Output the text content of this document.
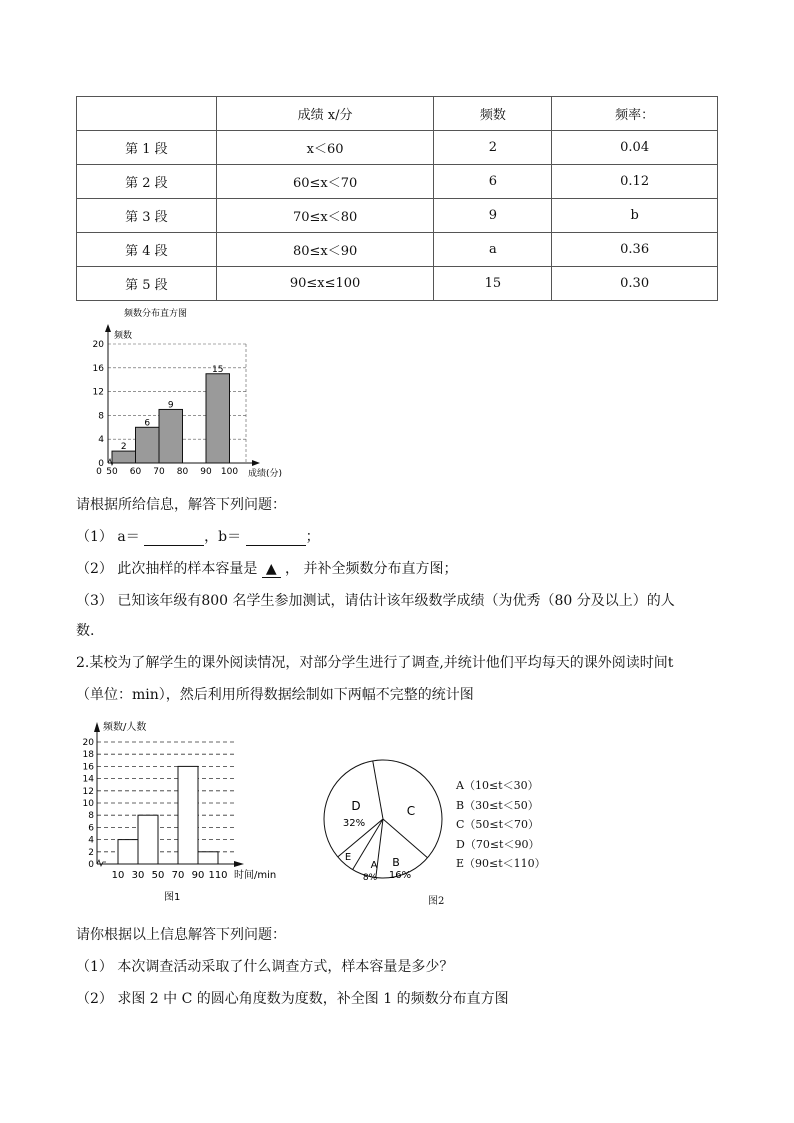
	成绩 x/分	频数	频率：
第 1 段	x＜60	2	0.04
第 2 段	60≤x＜70	6	0.12
第 3 段	70≤x＜80	9	b
第 4 段	80≤x＜90	a	0.36
第 5 段	90≤x≤100	15	0.30
频数分布直方图
0
4
8
12
16
20
频数
成绩(分)
2
6
9
15
0 50 60 70 80 90 100
请根据所给信息，解答下列问题：
（1） a＝	，b＝	；
（2） 此次抽样的样本容量是 ▲ ， 并补全频数分布直方图；
（3） 已知该年级有800 名学生参加测试，请估计该年级数学成绩（为优秀（80 分及以上）的人
数.
2.某校为了解学生的课外阅读情况，对部分学生进行了调查,并统计他们平均每天的课外阅读时间t
（单位：min），然后利用所得数据绘制如下两幅不完整的统计图
0
2
4
6
8
10
12
14
16
18
20
频数/人数
时间/min
10 30 50 70 90 110
图1
A
8%
B
16%
C
D
32%
E
A（10≤t＜30）
B（30≤t＜50）
C（50≤t＜70）
D（70≤t＜90）
E（90≤t＜110）
图2
请你根据以上信息解答下列问题：
（1） 本次调查活动采取了什么调查方式，样本容量是多少？
（2） 求图 2 中 C 的圆心角度数为度数，补全图 1 的频数分布直方图
